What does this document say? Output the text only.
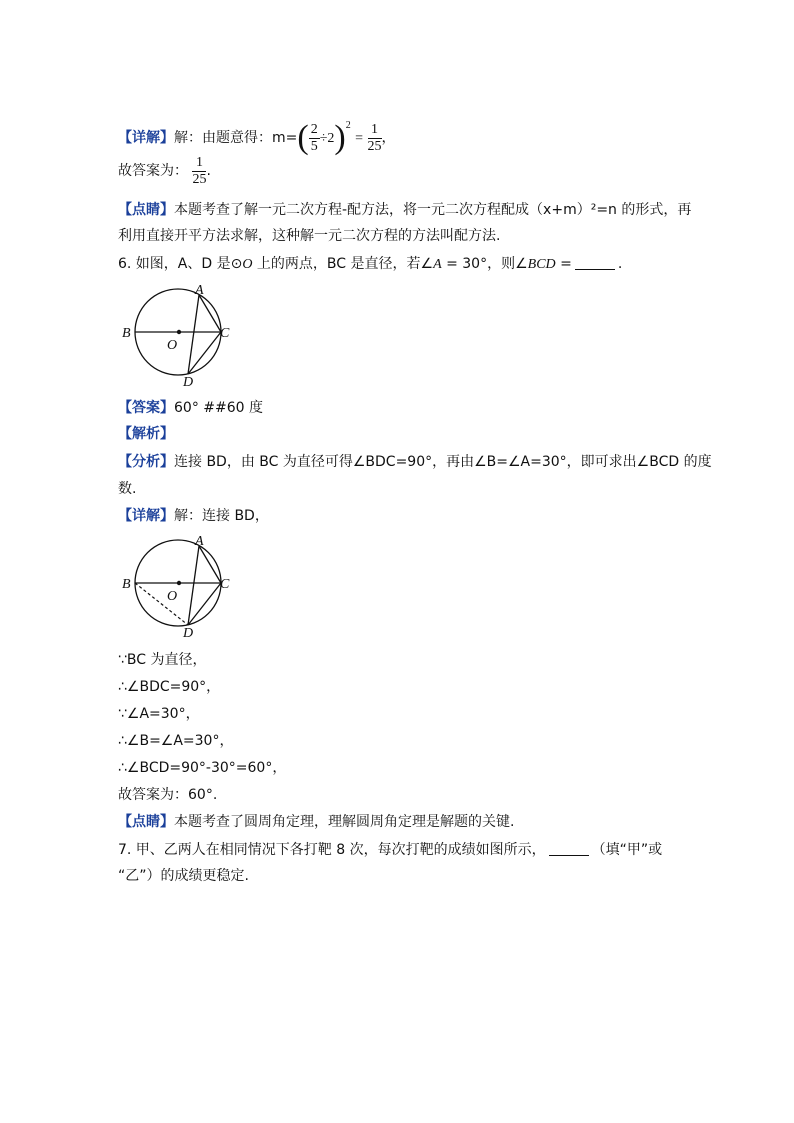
【详解】解：由题意得：$m=( \frac{2}{5} \div 2)^2 = \frac{1}{25}$ ，
故答案为： $\frac{1}{25}$ .
【点睛】本题考查了解一元二次方程-配方法，将一元二次方程配成（x+m）²=n 的形式，再
利用直接开平方法求解，这种解一元二次方程的方法叫配方法.
6. 如图，A、D 是⊙O 上的两点，BC 是直径，若∠A = 30°，则∠BCD =	.
A
B	C
D
O
【答案】60° ##60 度
【解析】
【分析】连接 BD，由 BC 为直径可得∠BDC=90°，再由∠B=∠A=30°，即可求出∠BCD 的度
数.
【详解】解：连接 BD，
A
B	C
D
O
∵BC 为直径，
∴∠BDC=90°，
∵∠A=30°，
∴∠B=∠A=30°，
∴∠BCD=90°-30°=60°，
故答案为：60°.
【点睛】本题考查了圆周角定理，理解圆周角定理是解题的关键.
7. 甲、乙两人在相同情况下各打靶 8 次，每次打靶的成绩如图所示，	（填“甲”或
“乙”）的成绩更稳定.
